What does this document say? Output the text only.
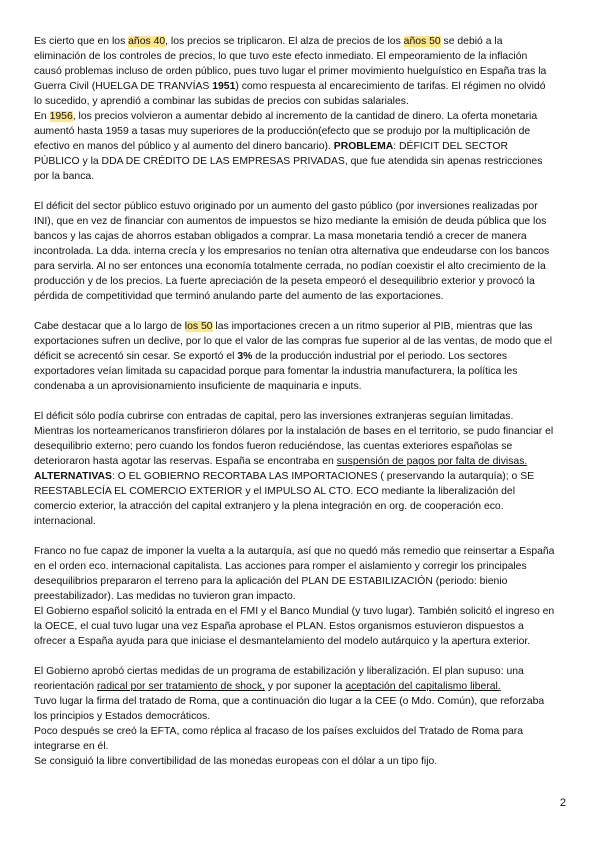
Es cierto que en los años 40, los precios se triplicaron. El alza de precios de los años 50 se debió a la eliminación de los controles de precios, lo que tuvo este efecto inmediato. El empeoramiento de la inflación causó problemas incluso de orden público, pues tuvo lugar el primer movimiento huelguístico en España tras la Guerra Civil (HUELGA DE TRANVÍAS 1951) como respuesta al encarecimiento de tarifas. El régimen no olvidó lo sucedido, y aprendió a combinar las subidas de precios con subidas salariales.

En 1956, los precios volvieron a aumentar debido al incremento de la cantidad de dinero. La oferta monetaria aumentó hasta 1959 a tasas muy superiores de la producción(efecto que se produjo por la multiplicación de efectivo en manos del público y al aumento del dinero bancario). PROBLEMA: DÉFICIT DEL SECTOR PÚBLICO y la DDA DE CRÉDITO DE LAS EMPRESAS PRIVADAS, que fue atendida sin apenas restricciones por la banca.

El déficit del sector público estuvo originado por un aumento del gasto público (por inversiones realizadas por INI), que en vez de financiar con aumentos de impuestos se hizo mediante la emisión de deuda pública que los bancos y las cajas de ahorros estaban obligados a comprar. La masa monetaria tendió a crecer de manera incontrolada. La dda. interna crecía y los empresarios no tenían otra alternativa que endeudarse con los bancos para servirla. Al no ser entonces una economía totalmente cerrada, no podían coexistir el alto crecimiento de la producción y de los precios. La fuerte apreciación de la peseta empeoró el desequilibrio exterior y provocó la pérdida de competitividad que terminó anulando parte del aumento de las exportaciones.

Cabe destacar que a lo largo de los 50 las importaciones crecen a un ritmo superior al PIB, mientras que las exportaciones sufren un declive, por lo que el valor de las compras fue superior al de las ventas, de modo que el déficit se acrecentó sin cesar. Se exportó el 3% de la producción industrial por el periodo. Los sectores exportadores veían limitada su capacidad porque para fomentar la industria manufacturera, la política les condenaba a un aprovisionamiento insuficiente de maquinaria e inputs.

El déficit sólo podía cubrirse con entradas de capital, pero las inversiones extranjeras seguían limitadas. Mientras los norteamericanos transfirieron dólares por la instalación de bases en el territorio, se pudo financiar el desequilibrio externo; pero cuando los fondos fueron reduciéndose, las cuentas exteriores españolas se deterioraron hasta agotar las reservas. España se encontraba en suspensión de pagos por falta de divisas.

ALTERNATIVAS: O EL GOBIERNO RECORTABA LAS IMPORTACIONES ( preservando la autarquía); o SE REESTABLECÍA EL COMERCIO EXTERIOR y el IMPULSO AL CTO. ECO mediante la liberalización del comercio exterior, la atracción del capital extranjero y la plena integración en org. de cooperación eco. internacional.

Franco no fue capaz de imponer la vuelta a la autarquía, así que no quedó más remedio que reinsertar a España en el orden eco. internacional capitalista. Las acciones para romper el aislamiento y corregir los principales desequilibrios prepararon el terreno para la aplicación del PLAN DE ESTABILIZACIÓN (periodo: bienio preestabilizador). Las medidas no tuvieron gran impacto.

El Gobierno español solicitó la entrada en el FMI y el Banco Mundial (y tuvo lugar). También solicitó el ingreso en la OECE, el cual tuvo lugar una vez España aprobase el PLAN. Estos organismos estuvieron dispuestos a ofrecer a España ayuda para que iniciase el desmantelamiento del modelo autárquico y la apertura exterior.

El Gobierno aprobó ciertas medidas de un programa de estabilización y liberalización. El plan supuso: una reorientación radical por ser tratamiento de shock, y por suponer la aceptación del capitalismo liberal.

Tuvo lugar la firma del tratado de Roma, que a continuación dio lugar a la CEE (o Mdo. Común), que reforzaba los principios y Estados democráticos.

Poco después se creó la EFTA, como réplica al fracaso de los países excluidos del Tratado de Roma para integrarse en él.

Se consiguió la libre convertibilidad de las monedas europeas con el dólar a un tipo fijo.

2
